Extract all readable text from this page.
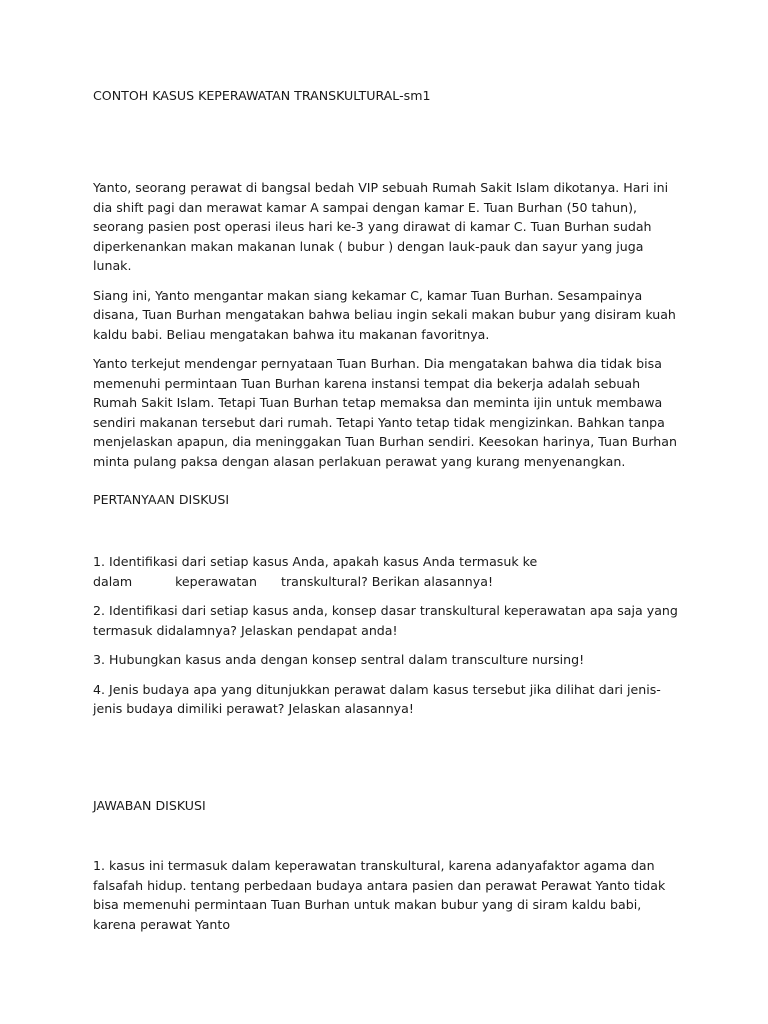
CONTOH KASUS KEPERAWATAN TRANSKULTURAL-sm1

Yanto, seorang perawat di bangsal bedah VIP sebuah Rumah Sakit Islam dikotanya. Hari ini dia shift pagi dan merawat kamar A sampai dengan kamar E. Tuan Burhan (50 tahun), seorang pasien post operasi ileus hari ke-3 yang dirawat di kamar C. Tuan Burhan sudah diperkenankan makan makanan lunak ( bubur ) dengan lauk-pauk dan sayur yang juga lunak.

Siang ini, Yanto mengantar makan siang kekamar C, kamar Tuan Burhan. Sesampainya disana, Tuan Burhan mengatakan bahwa beliau ingin sekali makan bubur yang disiram kuah kaldu babi. Beliau mengatakan bahwa itu makanan favoritnya.

Yanto terkejut mendengar pernyataan Tuan Burhan. Dia mengatakan bahwa dia tidak bisa memenuhi permintaan Tuan Burhan karena instansi tempat dia bekerja adalah sebuah Rumah Sakit Islam. Tetapi Tuan Burhan tetap memaksa dan meminta ijin untuk membawa sendiri makanan tersebut dari rumah. Tetapi Yanto tetap tidak mengizinkan. Bahkan tanpa menjelaskan apapun, dia meninggakan Tuan Burhan sendiri. Keesokan harinya, Tuan Burhan minta pulang paksa dengan alasan perlakuan perawat yang kurang menyenangkan.

PERTANYAAN DISKUSI

1. Identifikasi dari setiap kasus Anda, apakah kasus Anda termasuk ke
dalam	keperawatan	transkultural? Berikan alasannya!

2. Identifikasi dari setiap kasus anda, konsep dasar transkultural keperawatan apa saja yang termasuk didalamnya? Jelaskan pendapat anda!

3. Hubungkan kasus anda dengan konsep sentral dalam transculture nursing!

4. Jenis budaya apa yang ditunjukkan perawat dalam kasus tersebut jika dilihat dari jenis-jenis budaya dimiliki perawat? Jelaskan alasannya!

JAWABAN DISKUSI

1. kasus ini termasuk dalam keperawatan transkultural, karena adanyafaktor agama dan falsafah hidup. tentang perbedaan budaya antara pasien dan perawat Perawat Yanto tidak bisa memenuhi permintaan Tuan Burhan untuk makan bubur yang di siram kaldu babi, karena perawat Yanto
